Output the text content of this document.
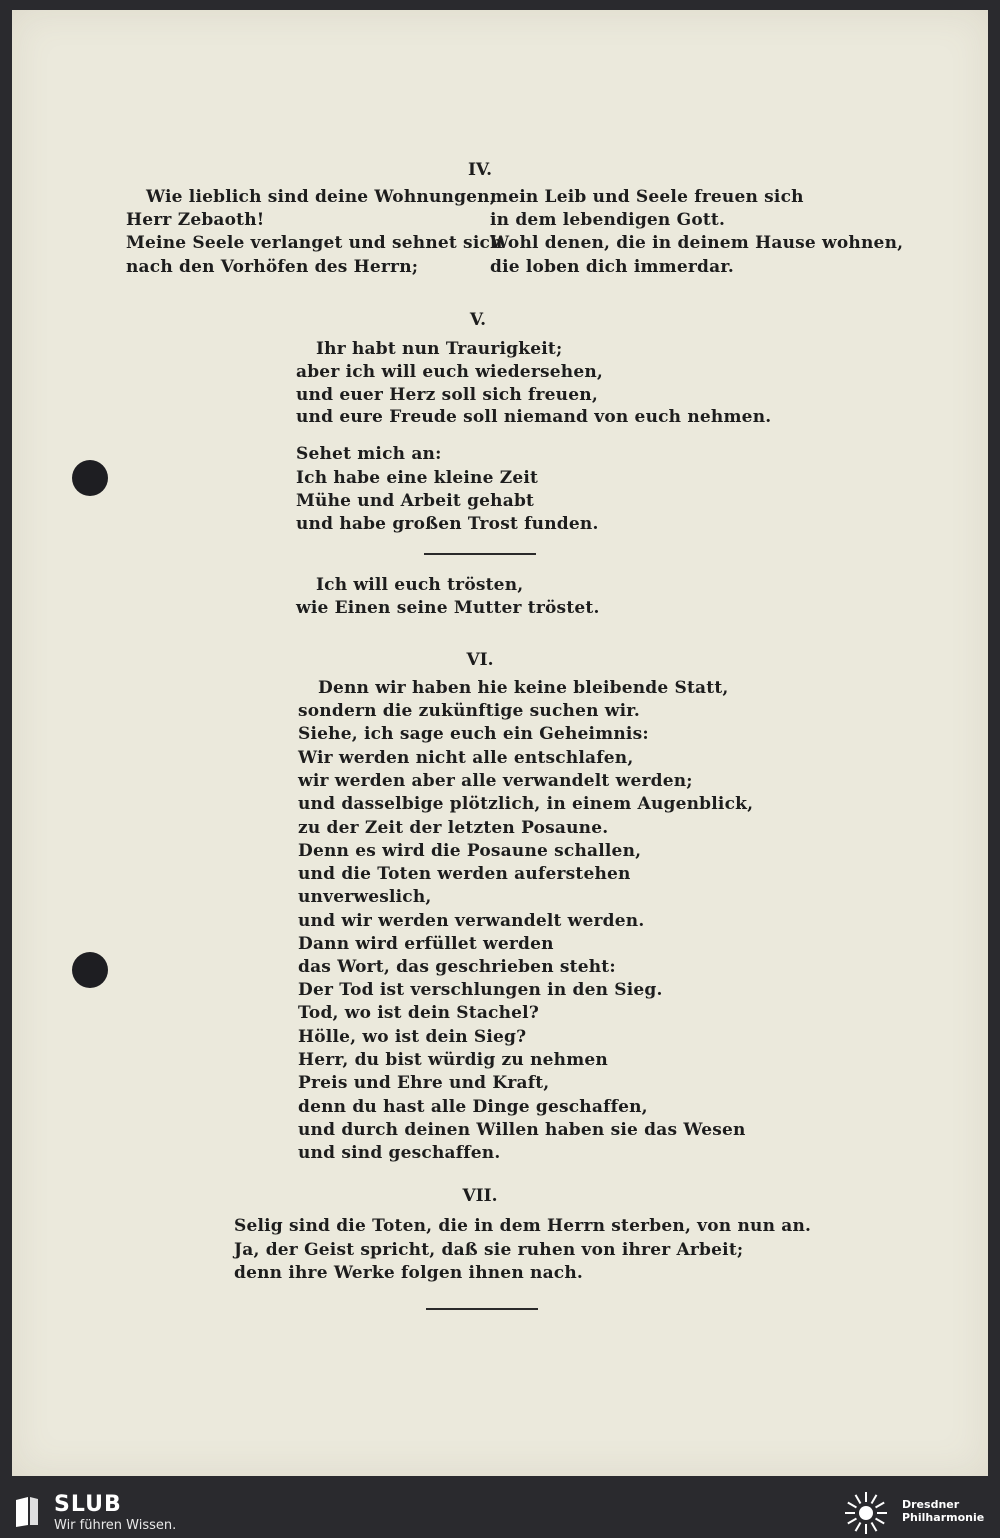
IV.
Wie lieblich sind deine Wohnungen,
Herr Zebaoth!
Meine Seele verlanget und sehnet sich
nach den Vorhöfen des Herrn;
mein Leib und Seele freuen sich
in dem lebendigen Gott.
Wohl denen, die in deinem Hause wohnen,
die loben dich immerdar.
V.
Ihr habt nun Traurigkeit;
aber ich will euch wiedersehen,
und euer Herz soll sich freuen,
und eure Freude soll niemand von euch nehmen.
Sehet mich an:
Ich habe eine kleine Zeit
Mühe und Arbeit gehabt
und habe großen Trost funden.
Ich will euch trösten,
wie Einen seine Mutter tröstet.
VI.
Denn wir haben hie keine bleibende Statt,
sondern die zukünftige suchen wir.
Siehe, ich sage euch ein Geheimnis:
Wir werden nicht alle entschlafen,
wir werden aber alle verwandelt werden;
und dasselbige plötzlich, in einem Augenblick,
zu der Zeit der letzten Posaune.
Denn es wird die Posaune schallen,
und die Toten werden auferstehen
unverweslich,
und wir werden verwandelt werden.
Dann wird erfüllet werden
das Wort, das geschrieben steht:
Der Tod ist verschlungen in den Sieg.
Tod, wo ist dein Stachel?
Hölle, wo ist dein Sieg?
Herr, du bist würdig zu nehmen
Preis und Ehre und Kraft,
denn du hast alle Dinge geschaffen,
und durch deinen Willen haben sie das Wesen
und sind geschaffen.
VII.
Selig sind die Toten, die in dem Herrn sterben, von nun an.
Ja, der Geist spricht, daß sie ruhen von ihrer Arbeit;
denn ihre Werke folgen ihnen nach.
SLUB
Wir führen Wissen.
Dresdner
Philharmonie
